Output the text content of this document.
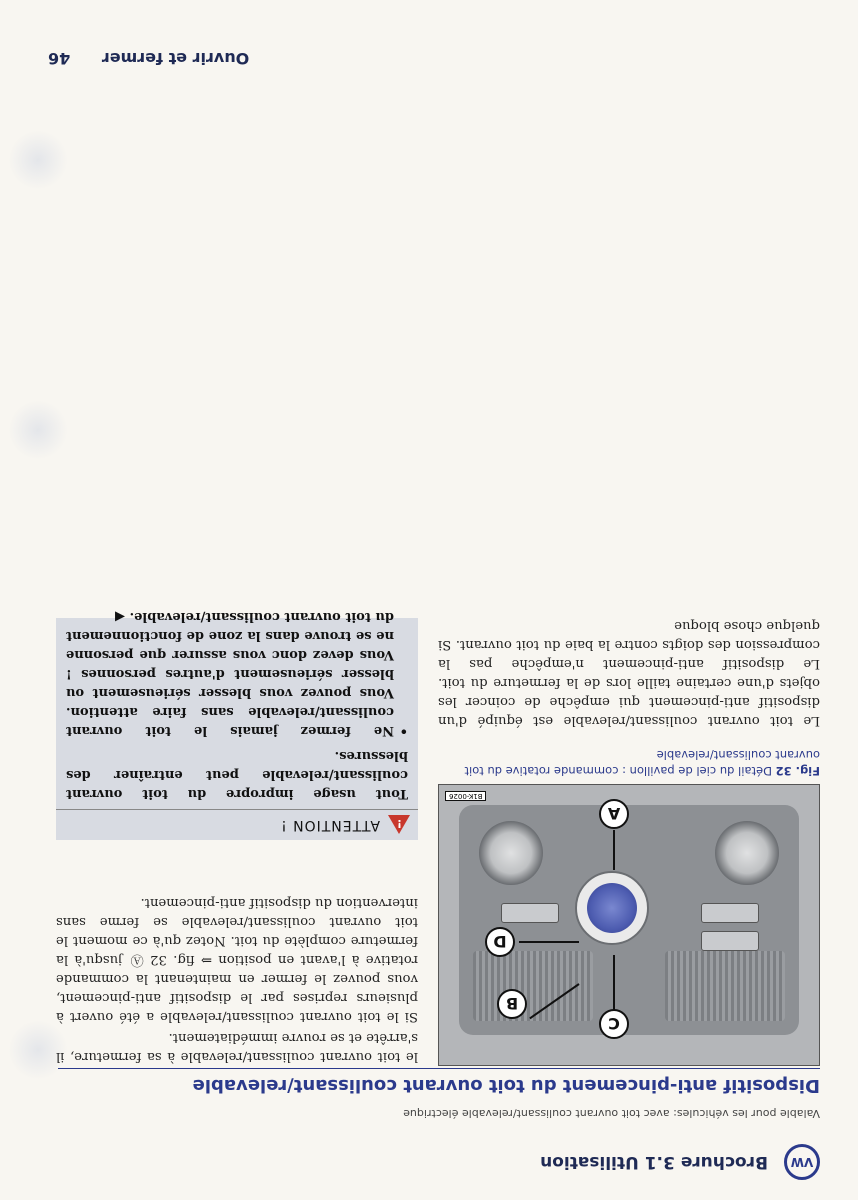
VW
Brochure 3.1 Utilisation
Valable pour les véhicules: avec toit ouvrant coulissant/relevable électrique
Dispositif anti-pincement du toit ouvrant coulissant/relevable
C
B
D
A
B1K-0026
Fig. 32 Détail du ciel de pavillon : commande rotative du toit ouvrant coulissant/relevable
Le toit ouvrant coulissant/relevable est équipé d'un dispositif anti-pincement qui empêche de coincer les objets d'une certaine taille lors de la fermeture du toit. Le dispositif anti-pincement n'empêche pas la compression des doigts contre la baie du toit ouvrant. Si quelque chose bloque
le toit ouvrant coulissant/relevable à sa fermeture, il s'arrête et se rouvre immédiatement.
Si le toit ouvrant coulissant/relevable a été ouvert à plusieurs reprises par le dispositif anti-pincement, vous pouvez le fermer en maintenant la commande rotative à l'avant en position ⇒ fig. 32 Ⓐ jusqu'à la fermeture complète du toit. Notez qu'à ce moment le toit ouvrant coulissant/relevable se ferme sans intervention du dispositif anti-pincement.
!
ATTENTION !
Tout usage impropre du toit ouvrant coulissant/relevable peut entraîner des blessures.
• Ne fermez jamais le toit ouvrant coulissant/relevable sans faire attention. Vous pouvez vous blesser sérieusement ou blesser sérieusement d'autres personnes ! Vous devez donc vous assurer que personne ne se trouve dans la zone de fonctionnement du toit ouvrant coulissant/relevable. ◀
Ouvrir et fermer 46
